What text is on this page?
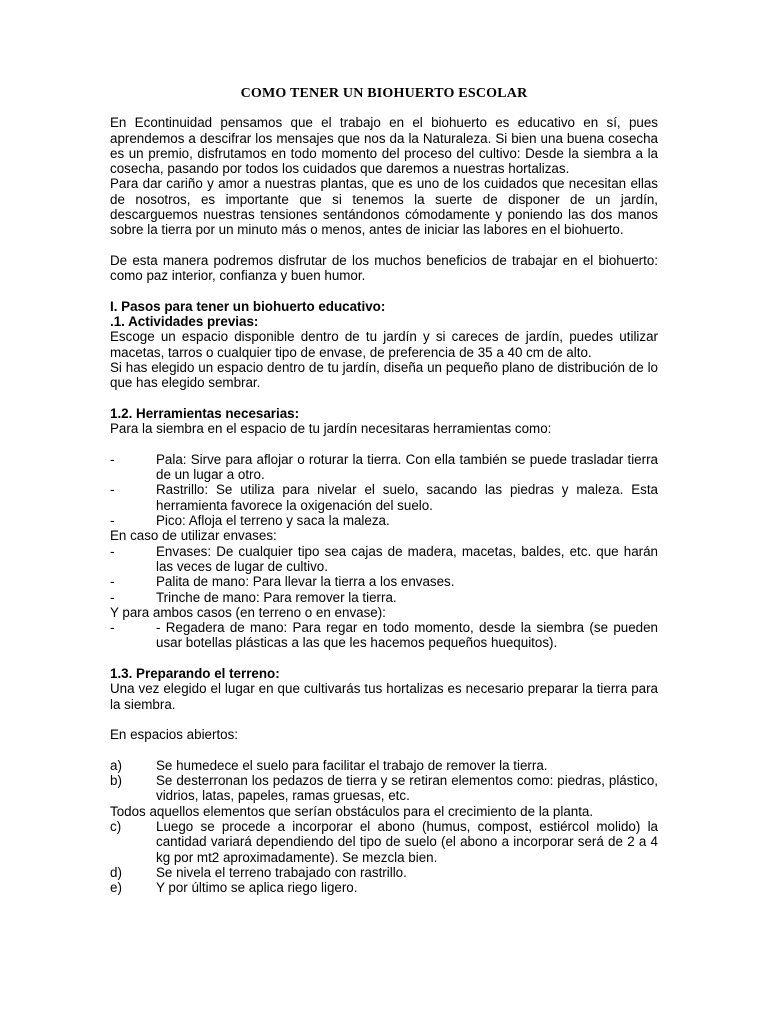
COMO TENER UN BIOHUERTO ESCOLAR

En Econtinuidad pensamos que el trabajo en el biohuerto es educativo en sí, pues aprendemos a descifrar los mensajes que nos da la Naturaleza. Si bien una buena cosecha es un premio, disfrutamos en todo momento del proceso del cultivo: Desde la siembra a la cosecha, pasando por todos los cuidados que daremos a nuestras hortalizas.

Para dar cariño y amor a nuestras plantas, que es uno de los cuidados que necesitan ellas de nosotros, es importante que si tenemos la suerte de disponer de un jardín, descarguemos nuestras tensiones sentándonos cómodamente y poniendo las dos manos sobre la tierra por un minuto más o menos, antes de iniciar las labores en el biohuerto.

De esta manera podremos disfrutar de los muchos beneficios de trabajar en el biohuerto: como paz interior, confianza y buen humor.

I. Pasos para tener un biohuerto educativo:

.1. Actividades previas:

Escoge un espacio disponible dentro de tu jardín y si careces de jardín, puedes utilizar macetas, tarros o cualquier tipo de envase, de preferencia de 35 a 40 cm de alto.

Si has elegido un espacio dentro de tu jardín, diseña un pequeño plano de distribución de lo que has elegido sembrar.

1.2. Herramientas necesarias:

Para la siembra en el espacio de tu jardín necesitaras herramientas como:

-	Pala: Sirve para aflojar o roturar la tierra. Con ella también se puede trasladar tierra de un lugar a otro.
-	Rastrillo: Se utiliza para nivelar el suelo, sacando las piedras y maleza. Esta herramienta favorece la oxigenación del suelo.
-	Pico: Afloja el terreno y saca la maleza.

En caso de utilizar envases:

-	Envases: De cualquier tipo sea cajas de madera, macetas, baldes, etc. que harán las veces de lugar de cultivo.
-	Palita de mano: Para llevar la tierra a los envases.
-	Trinche de mano: Para remover la tierra.

Y para ambos casos (en terreno o en envase):

-	- Regadera de mano: Para regar en todo momento, desde la siembra (se pueden usar botellas plásticas a las que les hacemos pequeños huequitos).

1.3. Preparando el terreno:

Una vez elegido el lugar en que cultivarás tus hortalizas es necesario preparar la tierra para la siembra.

En espacios abiertos:

a)	Se humedece el suelo para facilitar el trabajo de remover la tierra.
b)	Se desterronan los pedazos de tierra y se retiran elementos como: piedras, plástico, vidrios, latas, papeles, ramas gruesas, etc.

Todos aquellos elementos que serían obstáculos para el crecimiento de la planta.

c)	Luego se procede a incorporar el abono (humus, compost, estiércol molido) la cantidad variará dependiendo del tipo de suelo (el abono a incorporar será de 2 a 4 kg por mt2 aproximadamente). Se mezcla bien.
d)	Se nivela el terreno trabajado con rastrillo.
e)	Y por último se aplica riego ligero.
